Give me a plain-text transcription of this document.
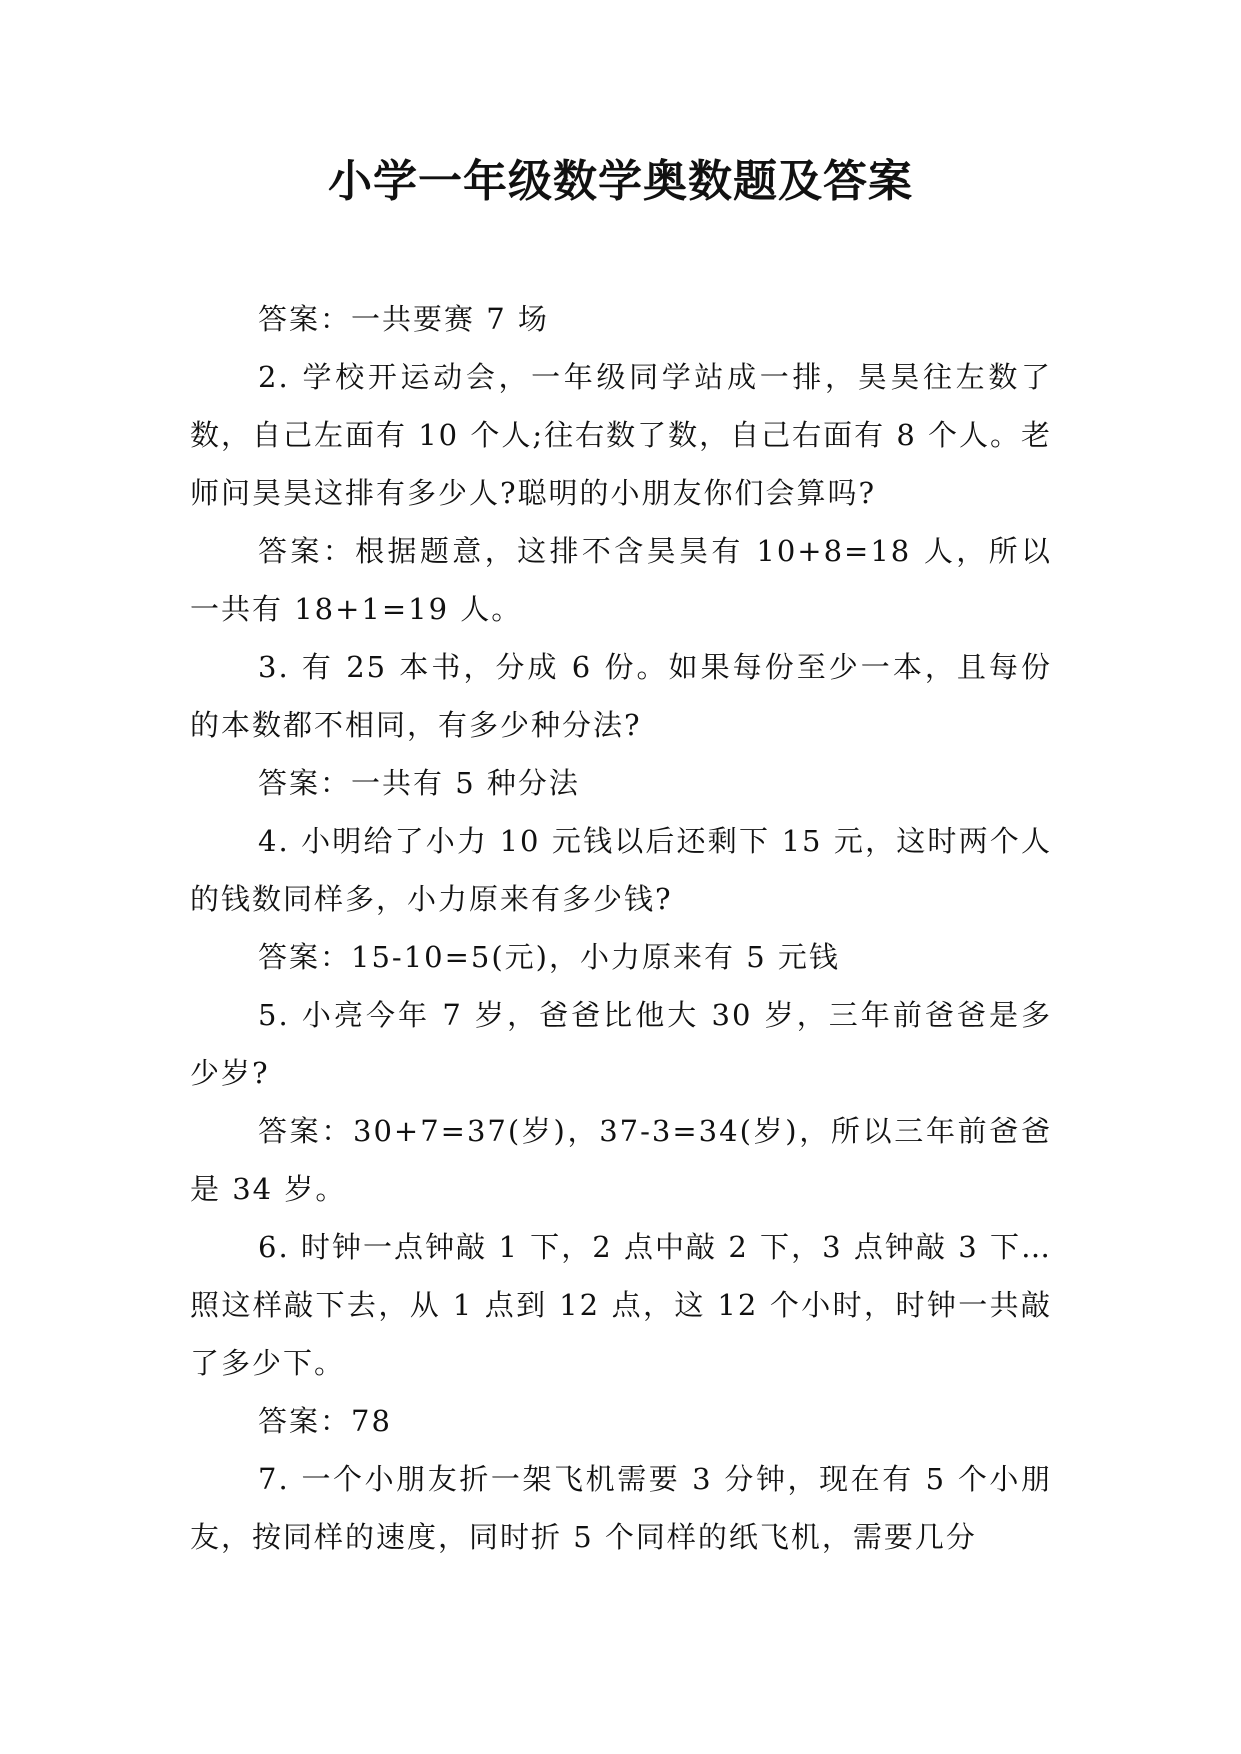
小学一年级数学奥数题及答案

答案：一共要赛 7 场

2. 学校开运动会，一年级同学站成一排，昊昊往左数了数，自己左面有 10 个人;往右数了数，自己右面有 8 个人。老师问昊昊这排有多少人?聪明的小朋友你们会算吗?

答案：根据题意，这排不含昊昊有 10+8=18 人，所以一共有 18+1=19 人。

3. 有 25 本书，分成 6 份。如果每份至少一本，且每份的本数都不相同，有多少种分法?

答案：一共有 5 种分法

4. 小明给了小力 10 元钱以后还剩下 15 元，这时两个人的钱数同样多，小力原来有多少钱?

答案：15-10=5(元)，小力原来有 5 元钱

5. 小亮今年 7 岁，爸爸比他大 30 岁，三年前爸爸是多少岁?

答案：30+7=37(岁)，37-3=34(岁)，所以三年前爸爸是 34 岁。

6. 时钟一点钟敲 1 下，2 点中敲 2 下，3 点钟敲 3 下…照这样敲下去，从 1 点到 12 点，这 12 个小时，时钟一共敲了多少下。

答案：78

7. 一个小朋友折一架飞机需要 3 分钟，现在有 5 个小朋友，按同样的速度，同时折 5 个同样的纸飞机，需要几分
